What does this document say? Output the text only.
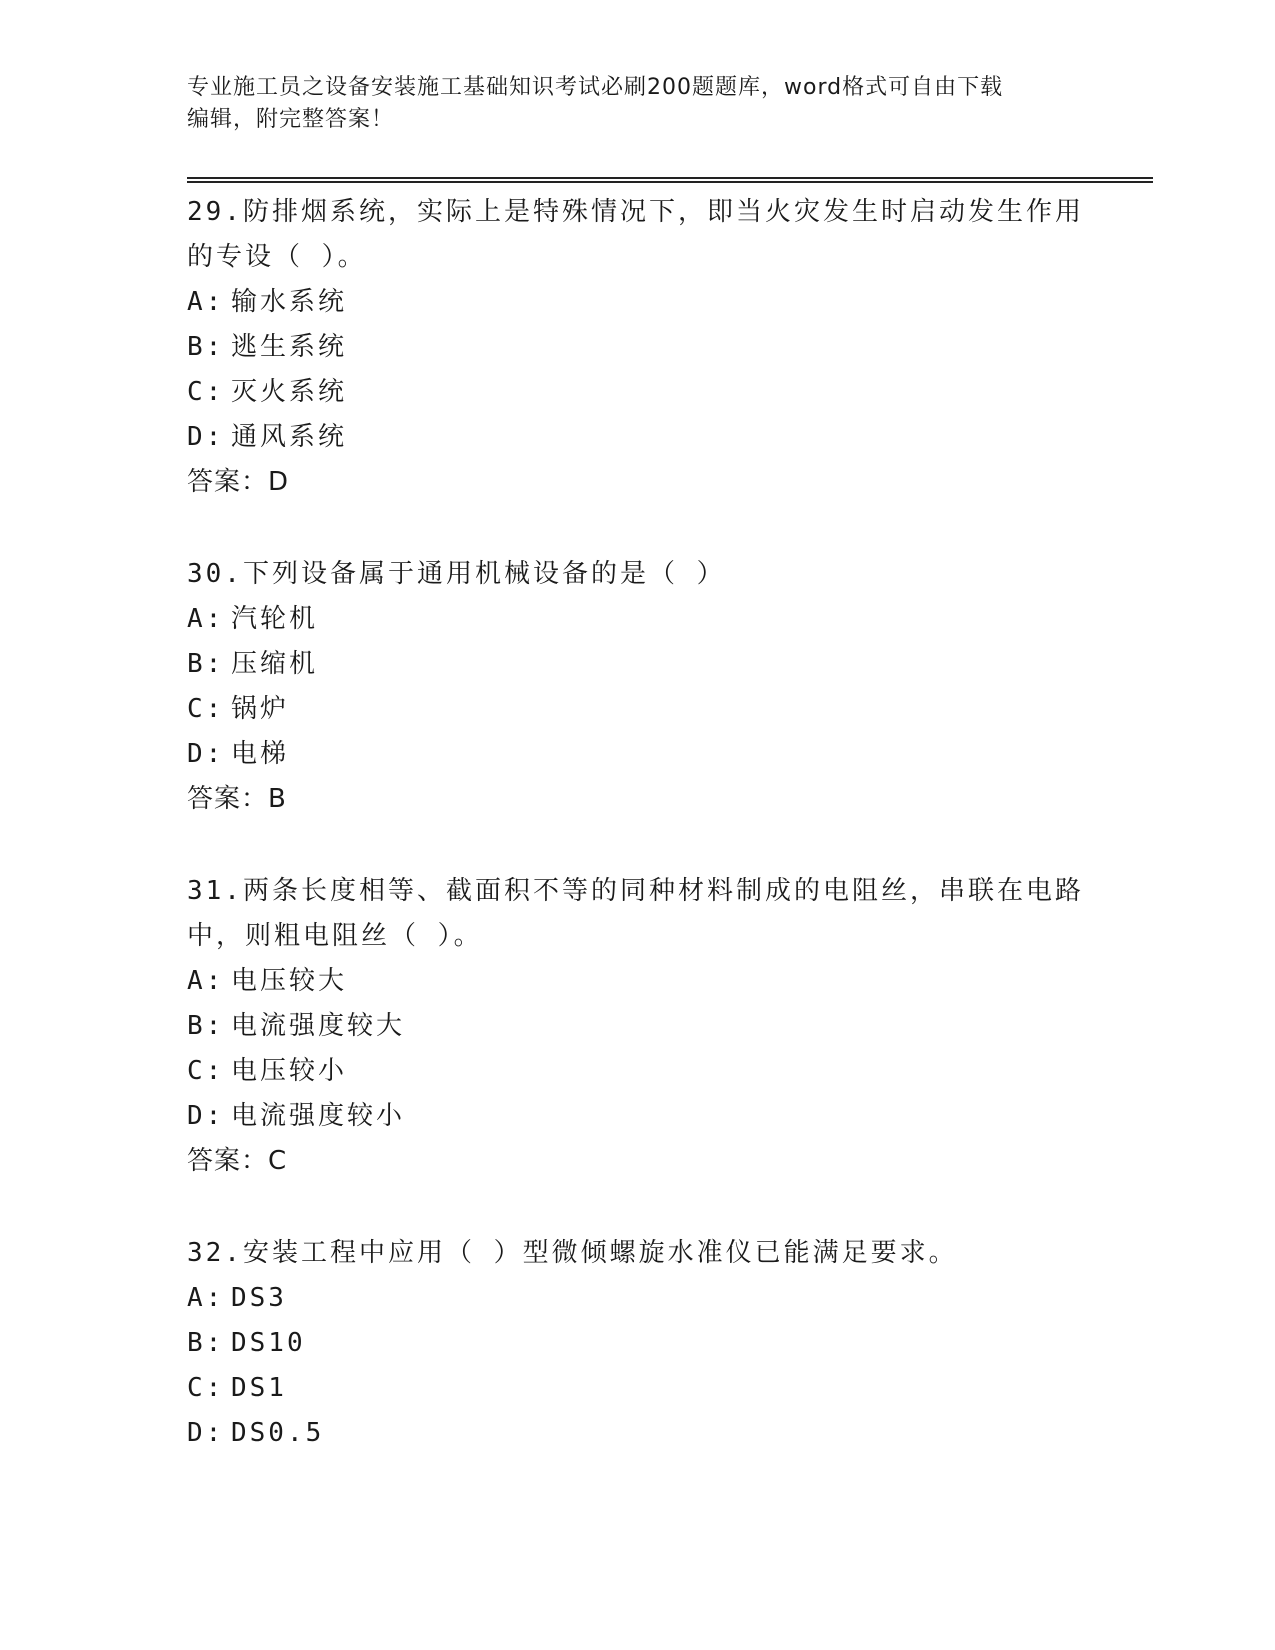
专业施工员之设备安装施工基础知识考试必刷200题题库，word格式可自由下载
编辑，附完整答案！
29.防排烟系统，实际上是特殊情况下，即当火灾发生时启动发生作用
的专设（ ）。
A: 输水系统
B: 逃生系统
C: 灭火系统
D: 通风系统
答案：D
30.下列设备属于通用机械设备的是（ ）
A: 汽轮机
B: 压缩机
C: 锅炉
D: 电梯
答案：B
31.两条长度相等、截面积不等的同种材料制成的电阻丝，串联在电路
中，则粗电阻丝（ ）。
A: 电压较大
B: 电流强度较大
C: 电压较小
D: 电流强度较小
答案：C
32.安装工程中应用（ ）型微倾螺旋水准仪已能满足要求。
A: DS3
B: DS10
C: DS1
D: DS0.5
